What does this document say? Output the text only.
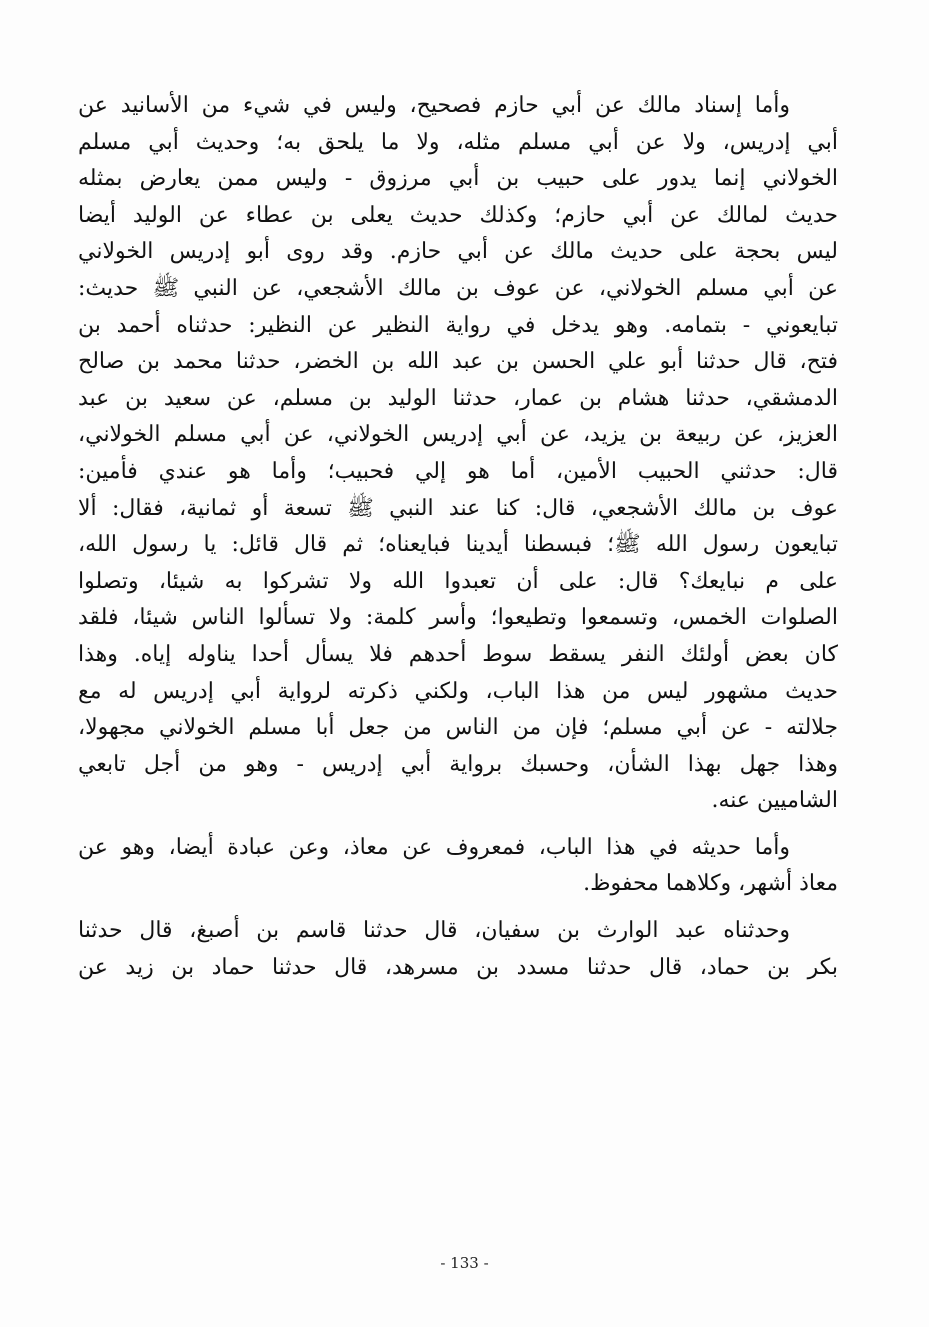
وأما إسناد مالك عن أبي حازم فصحيح، وليس في شيء من الأسانيد عن
أبي إدريس، ولا عن أبي مسلم مثله، ولا ما يلحق به؛ وحديث أبي مسلم
الخولاني إنما يدور على حبيب بن أبي مرزوق - وليس ممن يعارض بمثله
حديث لمالك عن أبي حازم؛ وكذلك حديث يعلى بن عطاء عن الوليد أيضا
ليس بحجة على حديث مالك عن أبي حازم. وقد روى أبو إدريس الخولاني
عن أبي مسلم الخولاني، عن عوف بن مالك الأشجعي، عن النبي ﷺ حديث:
تبايعوني - بتمامه. وهو يدخل في رواية النظير عن النظير: حدثناه أحمد بن
فتح، قال حدثنا أبو علي الحسن بن عبد الله بن الخضر، حدثنا محمد بن صالح
الدمشقي، حدثنا هشام بن عمار، حدثنا الوليد بن مسلم، عن سعيد بن عبد
العزيز، عن ربيعة بن يزيد، عن أبي إدريس الخولاني، عن أبي مسلم الخولاني،
قال: حدثني الحبيب الأمين، أما هو إلي فحبيب؛ وأما هو عندي فأمين:
عوف بن مالك الأشجعي، قال: كنا عند النبي ﷺ تسعة أو ثمانية، فقال: ألا
تبايعون رسول الله ﷺ؛ فبسطنا أيدينا فبايعناه؛ ثم قال قائل: يا رسول الله،
على م نبايعك؟ قال: على أن تعبدوا الله ولا تشركوا به شيئا، وتصلوا
الصلوات الخمس، وتسمعوا وتطيعوا؛ وأسر كلمة: ولا تسألوا الناس شيئا، فلقد
كان بعض أولئك النفر يسقط سوط أحدهم فلا يسأل أحدا يناوله إياه. وهذا
حديث مشهور ليس من هذا الباب، ولكني ذكرته لرواية أبي إدريس له مع
جلالته - عن أبي مسلم؛ فإن من الناس من جعل أبا مسلم الخولاني مجهولا،
وهذا جهل بهذا الشأن، وحسبك برواية أبي إدريس - وهو من أجل تابعي
الشاميين عنه.

وأما حديثه في هذا الباب، فمعروف عن معاذ، وعن عبادة أيضا، وهو عن
معاذ أشهر، وكلاهما محفوظ.

وحدثناه عبد الوارث بن سفيان، قال حدثنا قاسم بن أصبغ، قال حدثنا
بكر بن حماد، قال حدثنا مسدد بن مسرهد، قال حدثنا حماد بن زيد عن

- 133 -
